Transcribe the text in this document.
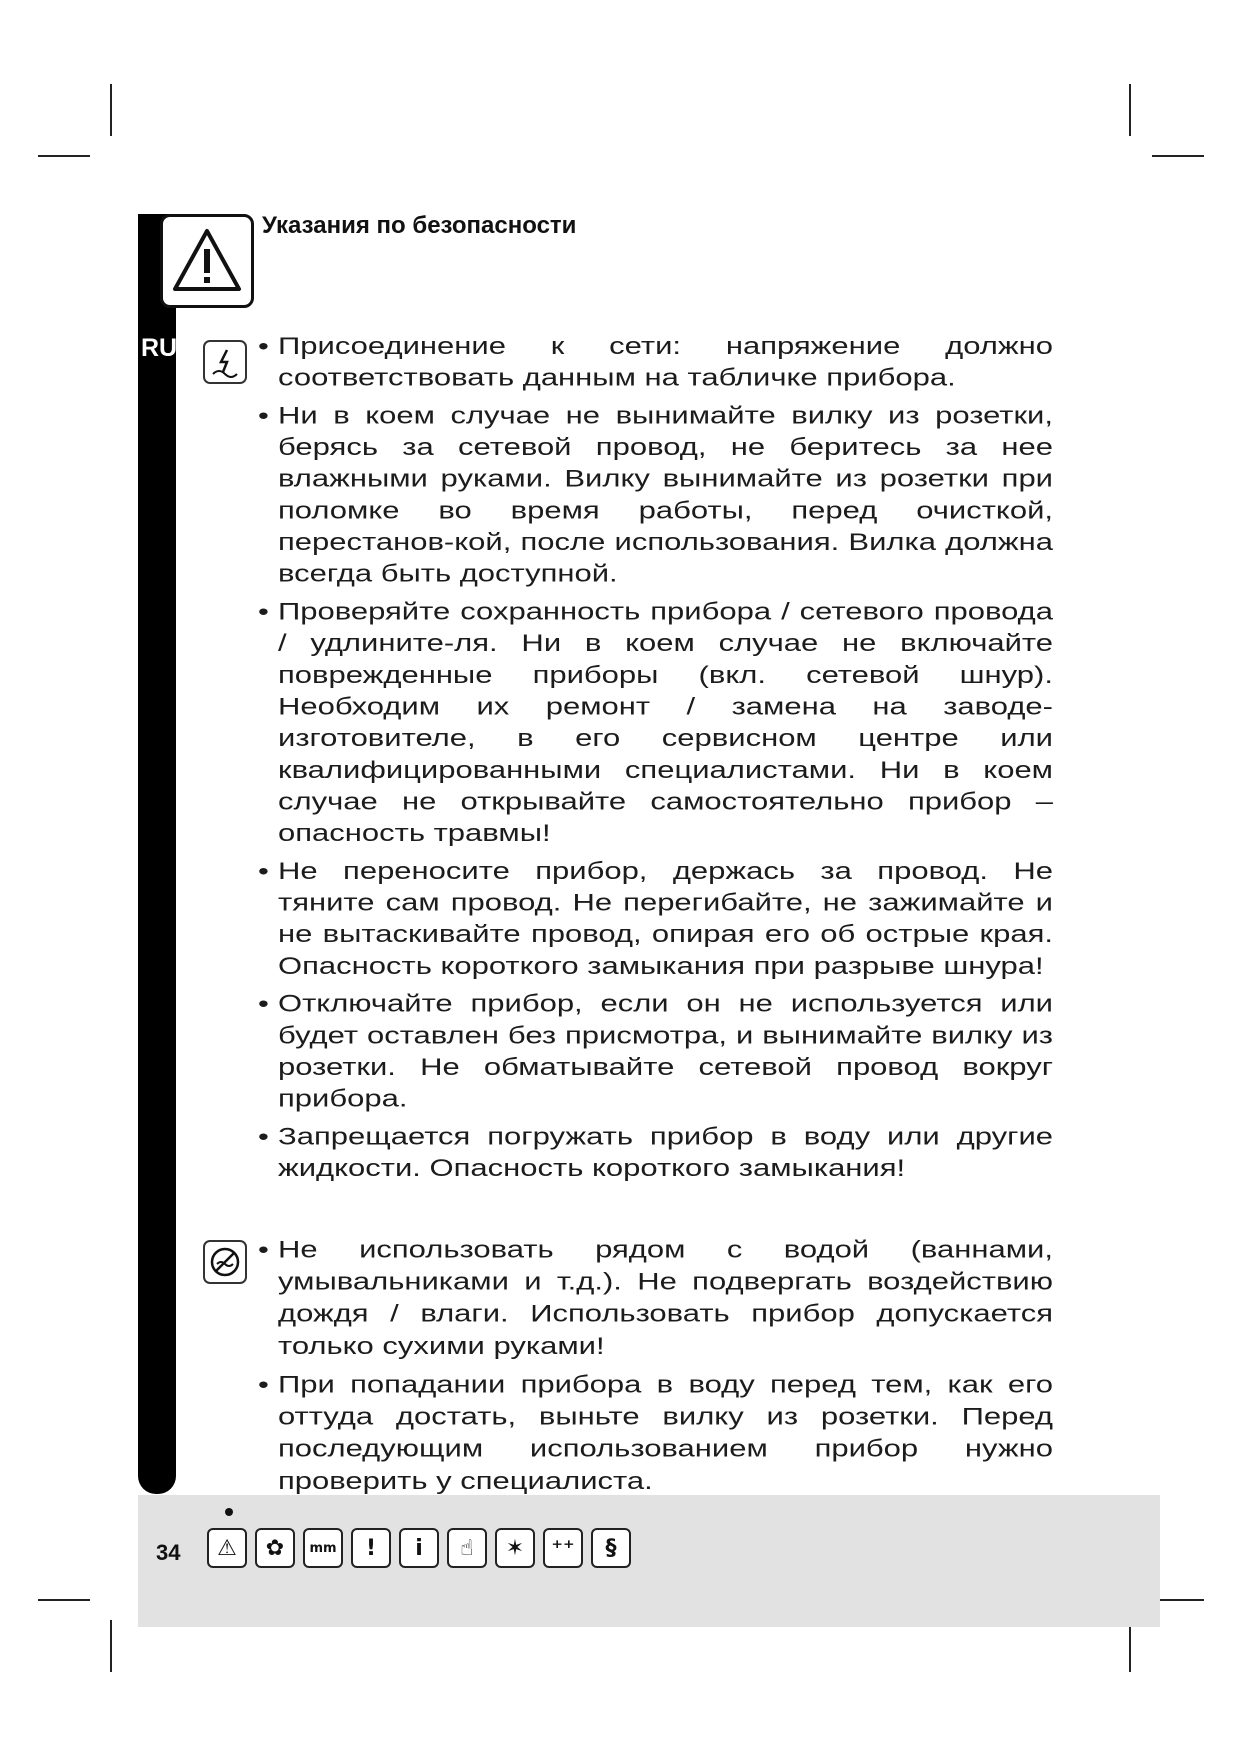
RU
Указания по безопасности
• Присоединение к сети: напряжение должно соответствовать данным на табличке прибора.
• Ни в коем случае не вынимайте вилку из розетки, берясь за сетевой провод, не беритесь за нее влажными руками. Вилку вынимайте из розетки при поломке во время работы, перед очисткой, перестанов-кой, после использования. Вилка должна всегда быть доступной.
• Проверяйте сохранность прибора / сетевого провода / удлините-ля. Ни в коем случае не включайте поврежденные приборы (вкл. сетевой шнур). Необходим их ремонт / замена на заводе-изготовителе, в его сервисном центре или квалифицированными специалистами. Ни в коем случае не открывайте самостоятельно прибор – опасность травмы!
• Не переносите прибор, держась за провод. Не тяните сам провод. Не перегибайте, не зажимайте и не вытаскивайте провод, опирая его об острые края. Опасность короткого замыкания при разрыве шнура!
• Отключайте прибор, если он не используется или будет оставлен без присмотра, и вынимайте вилку из розетки. Не обматывайте сетевой провод вокруг прибора.
• Запрещается погружать прибор в воду или другие жидкости. Опасность короткого замыкания!
• Не использовать рядом с водой (ваннами, умывальниками и т.д.). Не подвергать воздействию дождя / влаги. Использовать прибор допускается только сухими руками!
• При попадании прибора в воду перед тем, как его оттуда достать, выньте вилку из розетки. Перед последующим использованием прибор нужно проверить у специалиста.
34	⚠	✿	mm	!	i	☝	✶	⁺⁺	§
